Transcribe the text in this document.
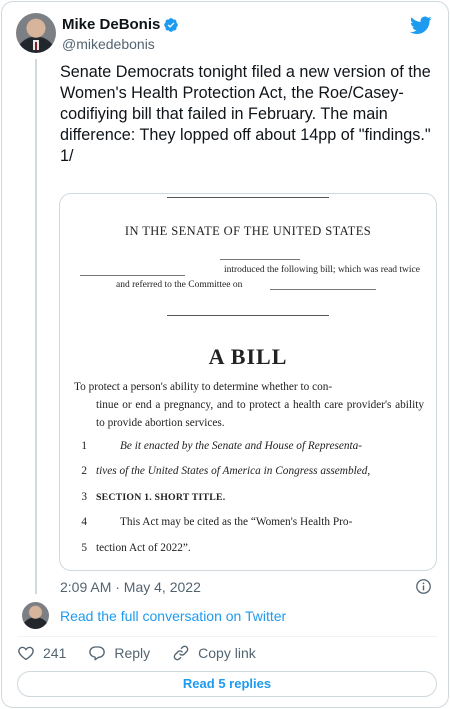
Mike DeBonis
@mikedebonis
Senate Democrats tonight filed a new version of the Women's Health Protection Act, the Roe/Casey-codifiying bill that failed in February. The main difference: They lopped off about 14pp of "findings."
1/
IN THE SENATE OF THE UNITED STATES
introduced the following bill; which was read twice
and referred to the Committee on
A BILL
To protect a person's ability to determine whether to con-
tinue or end a pregnancy, and to protect a health care provider's ability to provide abortion services.
1	Be it enacted by the Senate and House of Representa-
2 tives of the United States of America in Congress assembled,
3 SECTION 1. SHORT TITLE.
4	This Act may be cited as the “Women's Health Pro-
5 tection Act of 2022”.
2:09 AM · May 4, 2022
Read the full conversation on Twitter
241	Reply	Copy link
Read 5 replies
